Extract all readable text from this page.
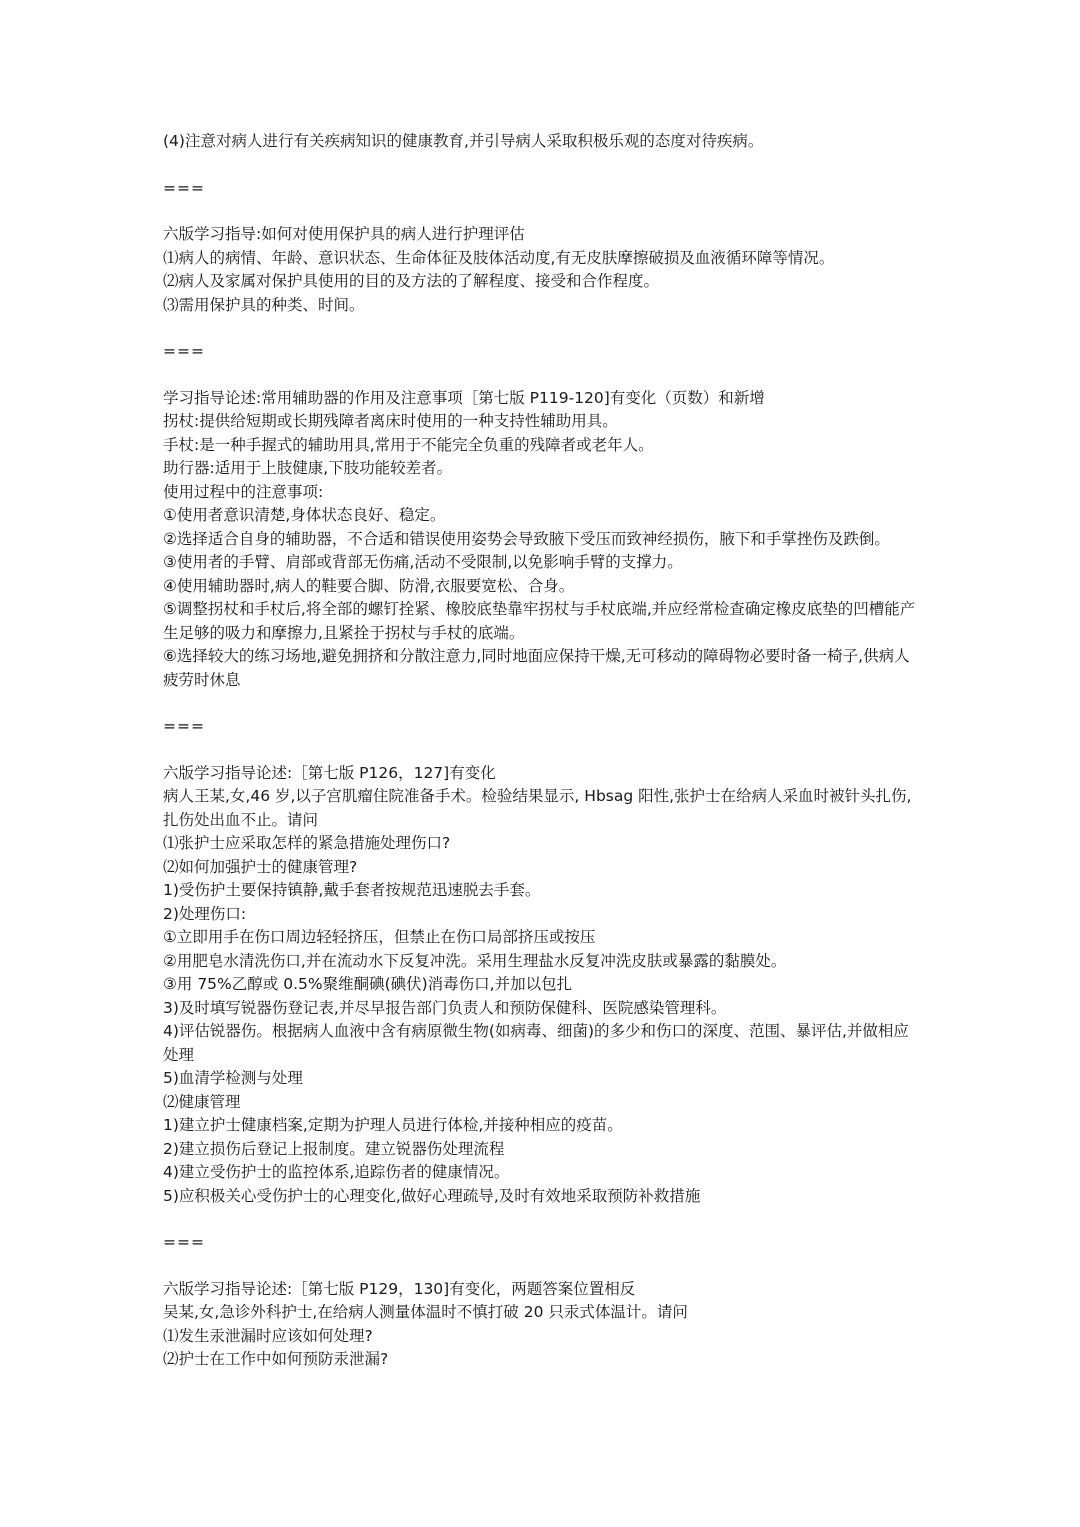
(4)注意对病人进行有关疾病知识的健康教育,并引导病人采取积极乐观的态度对待疾病。

===

六版学习指导:如何对使用保护具的病人进行护理评估

⑴病人的病情、年龄、意识状态、生命体征及肢体活动度,有无皮肤摩擦破损及血液循环障等情况。

⑵病人及家属对保护具使用的目的及方法的了解程度、接受和合作程度。

⑶需用保护具的种类、时间。

===

学习指导论述:常用辅助器的作用及注意事项［第七版 P119-120]有变化（页数）和新增

拐杖:提供给短期或长期残障者离床时使用的一种支持性辅助用具。

手杖:是一种手握式的辅助用具,常用于不能完全负重的残障者或老年人。

助行器:适用于上肢健康,下肢功能较差者。

使用过程中的注意事项:

①使用者意识清楚,身体状态良好、稳定。

②选择适合自身的辅助器，不合适和错误使用姿势会导致腋下受压而致神经损伤，腋下和手掌挫伤及跌倒。

③使用者的手臂、肩部或背部无伤痛,活动不受限制,以免影响手臂的支撑力。

④使用辅助器时,病人的鞋要合脚、防滑,衣服要宽松、合身。

⑤调整拐杖和手杖后,将全部的螺钉拴紧、橡胶底垫靠牢拐杖与手杖底端,并应经常检查确定橡皮底垫的凹槽能产生足够的吸力和摩擦力,且紧拴于拐杖与手杖的底端。

⑥选择较大的练习场地,避免拥挤和分散注意力,同时地面应保持干燥,无可移动的障碍物必要时备一椅子,供病人疲劳时休息

===

六版学习指导论述:［第七版 P126，127]有变化

病人王某,女,46 岁,以子宫肌瘤住院准备手术。检验结果显示, Hbsag 阳性,张护士在给病人采血时被针头扎伤,扎伤处出血不止。请问

⑴张护士应采取怎样的紧急措施处理伤口?

⑵如何加强护士的健康管理?

1)受伤护土要保持镇静,戴手套者按规范迅速脱去手套。

2)处理伤口:

①立即用手在伤口周边轻轻挤压，但禁止在伤口局部挤压或按压

②用肥皂水清洗伤口,并在流动水下反复冲洗。采用生理盐水反复冲洗皮肤或暴露的黏膜处。

③用 75%乙醇或 0.5%聚维酮碘(碘伏)消毒伤口,并加以包扎

3)及时填写锐器伤登记表,并尽早报告部门负责人和预防保健科、医院感染管理科。

4)评估锐器伤。根据病人血液中含有病原微生物(如病毒、细菌)的多少和伤口的深度、范围、暴评估,并做相应处理

5)血清学检测与处理

⑵健康管理

1)建立护士健康档案,定期为护理人员进行体检,并接种相应的疫苗。

2)建立损伤后登记上报制度。建立锐器伤处理流程

4)建立受伤护士的监控体系,追踪伤者的健康情况。

5)应积极关心受伤护士的心理变化,做好心理疏导,及时有效地采取预防补救措施

===

六版学习指导论述:［第七版 P129，130]有变化，两题答案位置相反

吴某,女,急诊外科护士,在给病人测量体温时不慎打破 20 只汞式体温计。请问

⑴发生汞泄漏时应该如何处理?

⑵护士在工作中如何预防汞泄漏?
